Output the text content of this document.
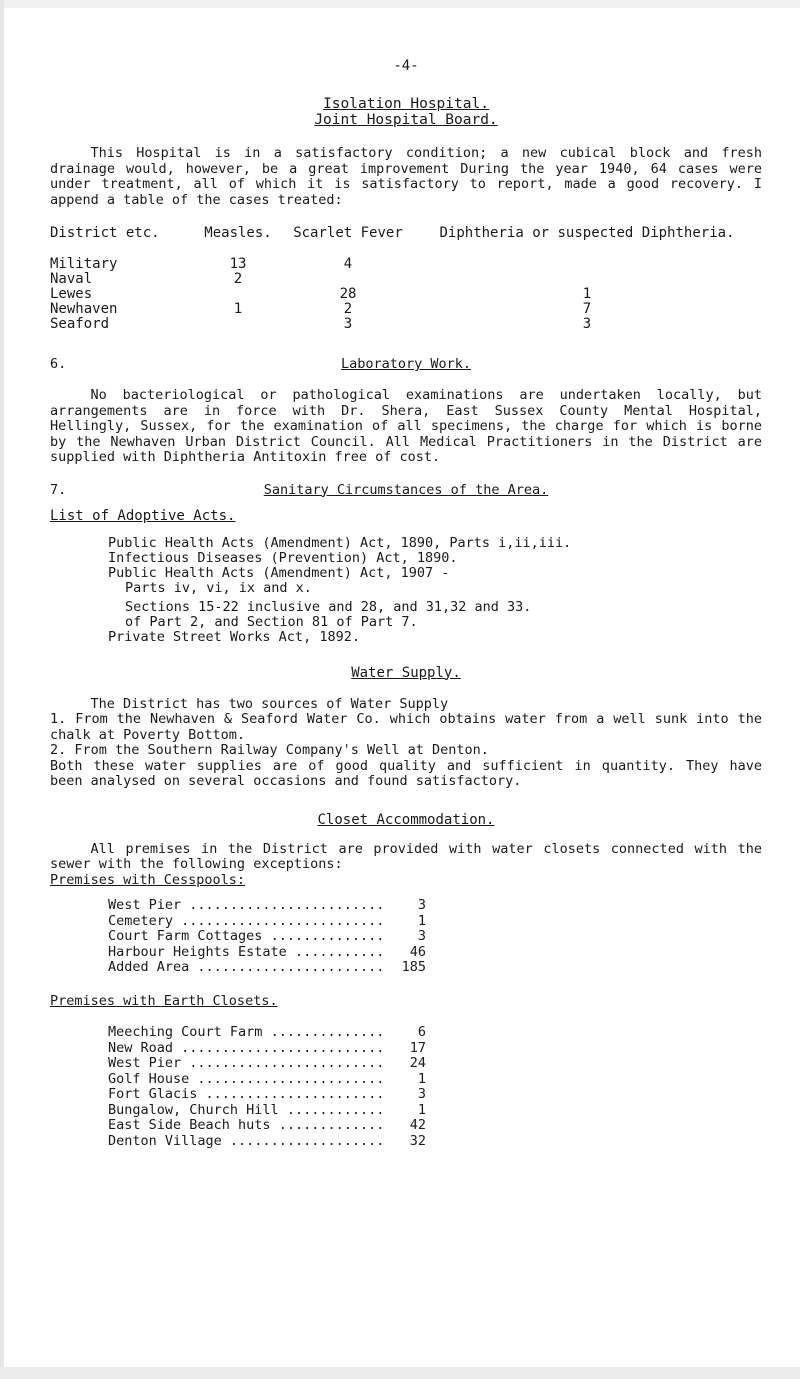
-4-

Isolation Hospital.

Joint Hospital Board.

This Hospital is in a satisfactory condition; a new cubical block and fresh drainage would, however, be a great improvement During the year 1940, 64 cases were under treatment, all of which it is satisfactory to report, made a good recovery. I append a table of the cases treated:

District etc.	Measles.	Scarlet Fever	Diphtheria or suspected Diphtheria.

Military	13	4	
Naval	2		
Lewes		28	1
Newhaven	1	2	7
Seaford		3	3
6.	Laboratory Work.

No bacteriological or pathological examinations are undertaken locally, but arrangements are in force with Dr. Shera, East Sussex County Mental Hospital, Hellingly, Sussex, for the examination of all specimens, the charge for which is borne by the Newhaven Urban District Council. All Medical Practitioners in the District are supplied with Diphtheria Antitoxin free of cost.

7.	Sanitary Circumstances of the Area.

List of Adoptive Acts.

Public Health Acts (Amendment) Act, 1890, Parts i,ii,iii.
Infectious Diseases (Prevention) Act, 1890.
Public Health Acts (Amendment) Act, 1907 -
Parts iv, vi, ix and x.
Sections 15-22 inclusive and 28, and 31,32 and 33.
of Part 2, and Section 81 of Part 7.
Private Street Works Act, 1892.

Water Supply.

The District has two sources of Water Supply
1. From the Newhaven & Seaford Water Co. which obtains water from a well sunk into the chalk at Poverty Bottom.
2. From the Southern Railway Company's Well at Denton.
Both these water supplies are of good quality and sufficient in quantity. They have been analysed on several occasions and found satisfactory.

Closet Accommodation.

All premises in the District are provided with water closets connected with the sewer with the following exceptions:

Premises with Cesspools:

West Pier .....	3
Cemetery .....	1
Court Farm Cottages .....	3
Harbour Heights Estate .....	46
Added Area .....	185

Premises with Earth Closets.

Meeching Court Farm .....	6
New Road .....	17
West Pier .....	24
Golf House .....	1
Fort Glacis .....	3
Bungalow, Church Hill .....	1
East Side Beach huts .....	42
Denton Village .....	32
